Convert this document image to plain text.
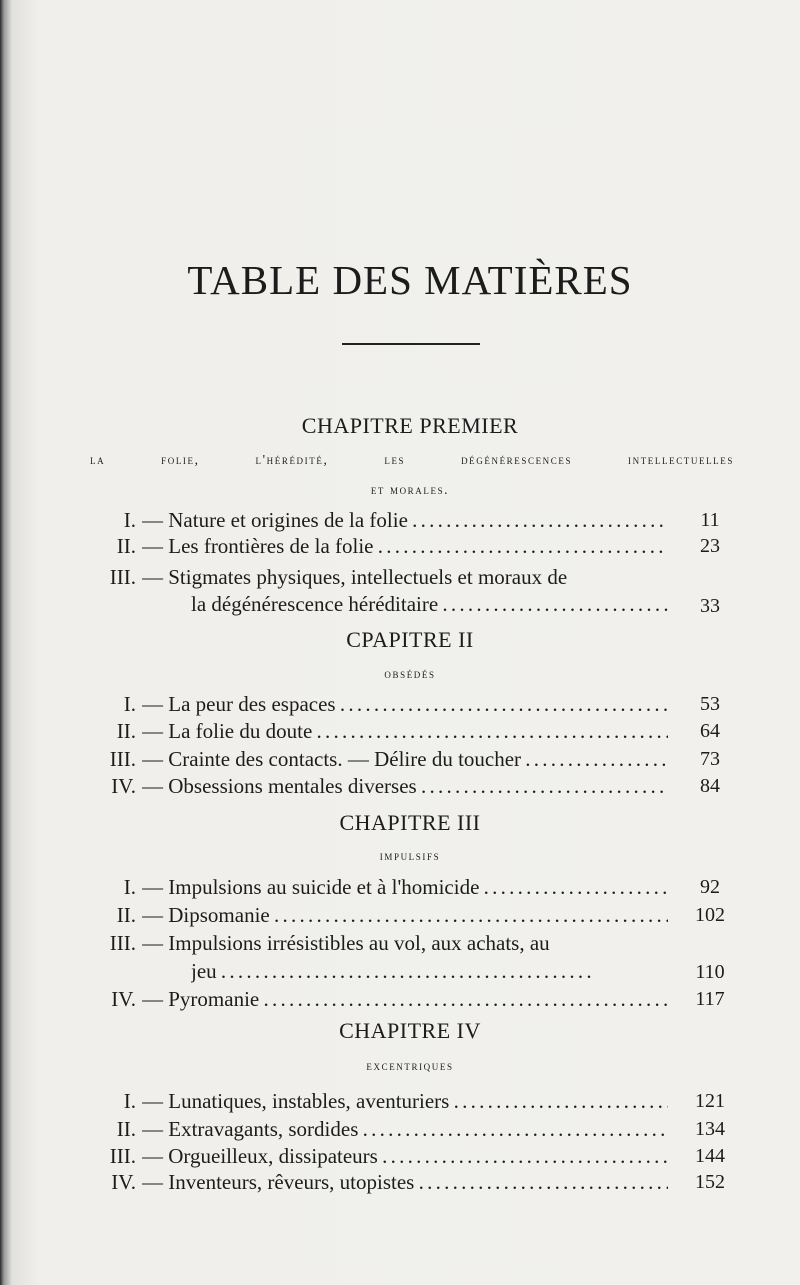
TABLE DES MATIÈRES
CHAPITRE PREMIER
la folie, l'hérédité, les dégénérescences intellectuelles
et morales.
I. — Nature et origines de la folie . . .	11
II. — Les frontières de la folie . . .	23
III. — Stigmates physiques, intellectuels et moraux de
la dégénérescence héréditaire . . .	33
CPAPITRE II
obsédés
I. — La peur des espaces . . .	53
II. — La folie du doute . . .	64
III. — Crainte des contacts. — Délire du toucher . . .	73
IV. — Obsessions mentales diverses . . .	84
CHAPITRE III
impulsifs
I. — Impulsions au suicide et à l'homicide . . .	92
II. — Dipsomanie . . .	102
III. — Impulsions irrésistibles au vol, aux achats, au
jeu . . .	110
IV. — Pyromanie . . .	117
CHAPITRE IV
excentriques
I. — Lunatiques, instables, aventuriers . . .	121
II. — Extravagants, sordides . . .	134
III. — Orgueilleux, dissipateurs . . .	144
IV. — Inventeurs, rêveurs, utopistes . . .	152
